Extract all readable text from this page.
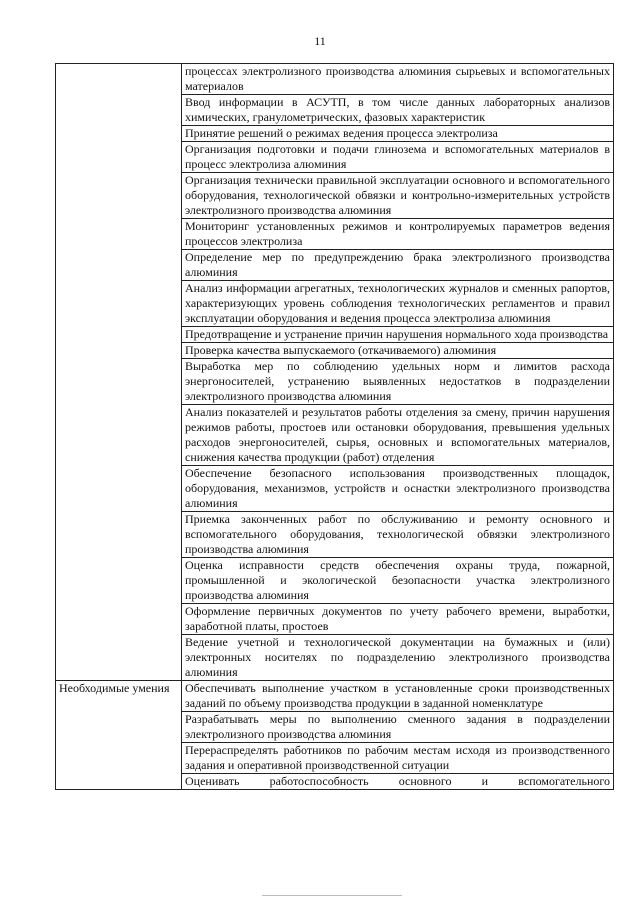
11
	процессах электролизного производства алюминия сырьевых и вспомогательных материалов
	Ввод информации в АСУТП, в том числе данных лабораторных анализов химических, гранулометрических, фазовых характеристик
	Принятие решений о режимах ведения процесса электролиза
	Организация подготовки и подачи глинозема и вспомогательных материалов в процесс электролиза алюминия
	Организация технически правильной эксплуатации основного и вспомогательного оборудования, технологической обвязки и контрольно-измерительных устройств электролизного производства алюминия
	Мониторинг установленных режимов и контролируемых параметров ведения процессов электролиза
	Определение мер по предупреждению брака электролизного производства алюминия
	Анализ информации агрегатных, технологических журналов и сменных рапортов, характеризующих уровень соблюдения технологических регламентов и правил эксплуатации оборудования и ведения процесса электролиза алюминия
	Предотвращение и устранение причин нарушения нормального хода производства
	Проверка качества выпускаемого (откачиваемого) алюминия
	Выработка мер по соблюдению удельных норм и лимитов расхода энергоносителей, устранению выявленных недостатков в подразделении электролизного производства алюминия
	Анализ показателей и результатов работы отделения за смену, причин нарушения режимов работы, простоев или остановки оборудования, превышения удельных расходов энергоносителей, сырья, основных и вспомогательных материалов, снижения качества продукции (работ) отделения
	Обеспечение безопасного использования производственных площадок, оборудования, механизмов, устройств и оснастки электролизного производства алюминия
	Приемка законченных работ по обслуживанию и ремонту основного и вспомогательного оборудования, технологической обвязки электролизного производства алюминия
	Оценка исправности средств обеспечения охраны труда, пожарной, промышленной и экологической безопасности участка электролизного производства алюминия
	Оформление первичных документов по учету рабочего времени, выработки, заработной платы, простоев
	Ведение учетной и технологической документации на бумажных и (или) электронных носителях по подразделению электролизного производства алюминия
Необходимые умения	Обеспечивать выполнение участком в установленные сроки производственных заданий по объему производства продукции в заданной номенклатуре
	Разрабатывать меры по выполнению сменного задания в подразделении электролизного производства алюминия
	Перераспределять работников по рабочим местам исходя из производственного задания и оперативной производственной ситуации
	Оценивать работоспособность основного и вспомогательного
